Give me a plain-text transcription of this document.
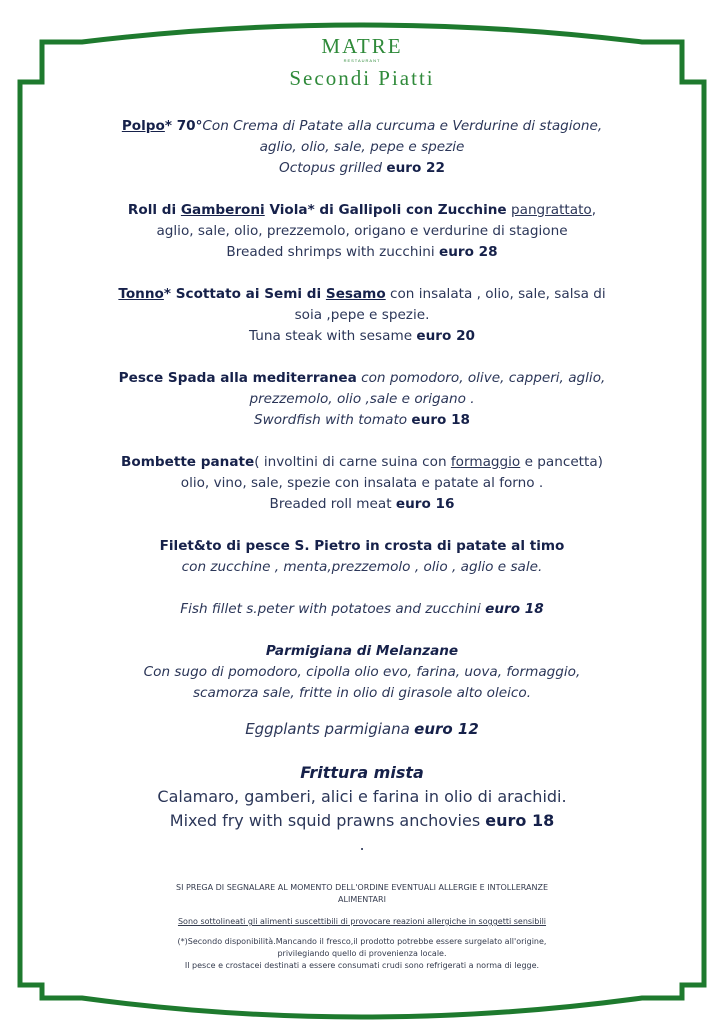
MATRE
RESTAURANT
Secondi Piatti
Polpo* 70°Con Crema di Patate alla curcuma e Verdurine di stagione, aglio, olio, sale, pepe e spezie
Octopus grilled euro 22
Roll di Gamberoni Viola* di Gallipoli con Zucchine pangrattato, aglio, sale, olio, prezzemolo, origano e verdurine di stagione
Breaded shrimps with zucchini euro 28
Tonno* Scottato ai Semi di Sesamo con insalata , olio, sale, salsa di soia ,pepe e spezie.
Tuna steak with sesame euro 20
Pesce Spada alla mediterranea con pomodoro, olive, capperi, aglio, prezzemolo, olio ,sale e origano .
Swordfish with tomato euro 18
Bombette panate( involtini di carne suina con formaggio e pancetta) olio, vino, sale, spezie con insalata e patate al forno .
Breaded roll meat euro 16
Filet&to di pesce S. Pietro in crosta di patate al timo
con zucchine , menta,prezzemolo , olio , aglio e sale.
Fish fillet s.peter with potatoes and zucchini euro 18
Parmigiana di Melanzane
Con sugo di pomodoro, cipolla olio evo, farina, uova, formaggio, scamorza sale, fritte in olio di girasole alto oleico.
Eggplants parmigiana euro 12
Frittura mista
Calamaro, gamberi, alici e farina in olio di arachidi.
Mixed fry with squid prawns anchovies euro 18
.

SI PREGA DI SEGNALARE AL MOMENTO DELL'ORDINE EVENTUALI ALLERGIE E INTOLLERANZE ALIMENTARI

Sono sottolineati gli alimenti suscettibili di provocare reazioni allergiche in soggetti sensibili

(*)Secondo disponibilità.Mancando il fresco,il prodotto potrebbe essere surgelato all'origine, privilegiando quello di provenienza locale.

Il pesce e crostacei destinati a essere consumati crudi sono refrigerati a norma di legge.
